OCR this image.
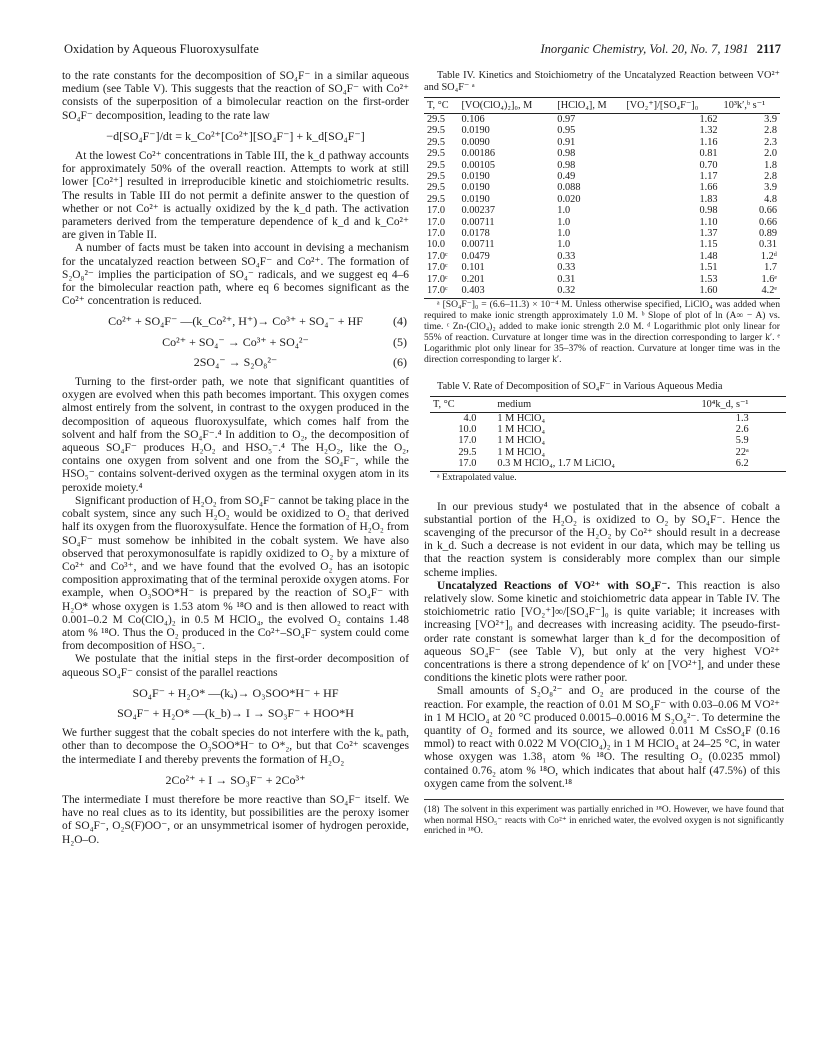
Oxidation by Aqueous Fluoroxysulfate	Inorganic Chemistry, Vol. 20, No. 7, 1981 2117

to the rate constants for the decomposition of SO₄F⁻ in a similar aqueous medium (see Table V). This suggests that the reaction of SO₄F⁻ with Co²⁺ consists of the superposition of a bimolecular reaction on the first-order SO₄F⁻ decomposition, leading to the rate law

−d[SO₄F⁻]/dt = k_Co²⁺[Co²⁺][SO₄F⁻] + k_d[SO₄F⁻]

At the lowest Co²⁺ concentrations in Table III, the k_d pathway accounts for approximately 50% of the overall reaction. Attempts to work at still lower [Co²⁺] resulted in irreproducible kinetic and stoichiometric results. The results in Table III do not permit a definite answer to the question of whether or not Co²⁺ is actually oxidized by the k_d path. The activation parameters derived from the temperature dependence of k_d and k_Co²⁺ are given in Table II.

A number of facts must be taken into account in devising a mechanism for the uncatalyzed reaction between SO₄F⁻ and Co²⁺. The formation of S₂O₈²⁻ implies the participation of SO₄⁻ radicals, and we suggest eq 4–6 for the bimolecular reaction path, where eq 6 becomes significant as the Co²⁺ concentration is reduced.

Co²⁺ + SO₄F⁻ —(k_Co²⁺, H⁺)→ Co³⁺ + SO₄⁻ + HF	(4)
Co²⁺ + SO₄⁻ → Co³⁺ + SO₄²⁻	(5)
2SO₄⁻ → S₂O₈²⁻	(6)

Turning to the first-order path, we note that significant quantities of oxygen are evolved when this path becomes important. This oxygen comes almost entirely from the solvent, in contrast to the oxygen produced in the decomposition of aqueous fluoroxysulfate, which comes half from the solvent and half from the SO₄F⁻.⁴ In addition to O₂, the decomposition of aqueous SO₄F⁻ produces H₂O₂ and HSO₅⁻.⁴ The H₂O₂, like the O₂, contains one oxygen from solvent and one from the SO₄F⁻, while the HSO₅⁻ contains solvent-derived oxygen as the terminal oxygen atom in its peroxide moiety.⁴

Significant production of H₂O₂ from SO₄F⁻ cannot be taking place in the cobalt system, since any such H₂O₂ would be oxidized to O₂ that derived half its oxygen from the fluoroxysulfate. Hence the formation of H₂O₂ from SO₄F⁻ must somehow be inhibited in the cobalt system. We have also observed that peroxymonosulfate is rapidly oxidized to O₂ by a mixture of Co²⁺ and Co³⁺, and we have found that the evolved O₂ has an isotopic composition approximating that of the terminal peroxide oxygen atoms. For example, when O₃SOO*H⁻ is prepared by the reaction of SO₄F⁻ with H₂O* whose oxygen is 1.53 atom % ¹⁸O and is then allowed to react with 0.001–0.2 M Co(ClO₄)₂ in 0.5 M HClO₄, the evolved O₂ contains 1.48 atom % ¹⁸O. Thus the O₂ produced in the Co²⁺–SO₄F⁻ system could come from decomposition of HSO₅⁻.

We postulate that the initial steps in the first-order decomposition of aqueous SO₄F⁻ consist of the parallel reactions

SO₄F⁻ + H₂O* —(kₐ)→ O₃SOO*H⁻ + HF
SO₄F⁻ + H₂O* —(k_b)→ I → SO₃F⁻ + HOO*H

We further suggest that the cobalt species do not interfere with the kₐ path, other than to decompose the O₃SOO*H⁻ to O*₂, but that Co²⁺ scavenges the intermediate I and thereby prevents the formation of H₂O₂

2Co²⁺ + I → SO₃F⁻ + 2Co³⁺

The intermediate I must therefore be more reactive than SO₄F⁻ itself. We have no real clues as to its identity, but possibilities are the peroxy isomer of SO₄F⁻, O₂S(F)OO⁻, or an unsymmetrical isomer of hydrogen peroxide, H₂O–O.

Table IV. Kinetics and Stoichiometry of the Uncatalyzed Reaction between VO²⁺ and SO₄F⁻ ᵃ

T, °C	[VO(ClO₄)₂]₀, M	[HClO₄], M	[VO₂⁺]/[SO₄F⁻]₀	10³k′,ᵇ s⁻¹
29.5	0.106	0.97	1.62	3.9
29.5	0.0190	0.95	1.32	2.8
29.5	0.0090	0.91	1.16	2.3
29.5	0.00186	0.98	0.81	2.0
29.5	0.00105	0.98	0.70	1.8
29.5	0.0190	0.49	1.17	2.8
29.5	0.0190	0.088	1.66	3.9
29.5	0.0190	0.020	1.83	4.8
17.0	0.00237	1.0	0.98	0.66
17.0	0.00711	1.0	1.10	0.66
17.0	0.0178	1.0	1.37	0.89
10.0	0.00711	1.0	1.15	0.31
17.0ᶜ	0.0479	0.33	1.48	1.2ᵈ
17.0ᶜ	0.101	0.33	1.51	1.7
17.0ᶜ	0.201	0.31	1.53	1.6ᵉ
17.0ᶜ	0.403	0.32	1.60	4.2ᵉ

ᵃ [SO₄F⁻]₀ = (6.6–11.3) × 10⁻⁴ M. Unless otherwise specified, LiClO₄ was added when required to make ionic strength approximately 1.0 M. ᵇ Slope of plot of ln (A∞ − A) vs. time. ᶜ Zn-(ClO₄)₂ added to make ionic strength 2.0 M. ᵈ Logarithmic plot only linear for 55% of reaction. Curvature at longer time was in the direction corresponding to larger k′. ᵉ Logarithmic plot only linear for 35–37% of reaction. Curvature at longer time was in the direction corresponding to larger k′.

Table V. Rate of Decomposition of SO₄F⁻ in Various Aqueous Media

T, °C	medium	10⁴k_d, s⁻¹
4.0	1 M HClO₄	1.3
10.0	1 M HClO₄	2.6
17.0	1 M HClO₄	5.9
29.5	1 M HClO₄	22ᵃ
17.0	0.3 M HClO₄, 1.7 M LiClO₄	6.2

ᵃ Extrapolated value.

In our previous study⁴ we postulated that in the absence of cobalt a substantial portion of the H₂O₂ is oxidized to O₂ by SO₄F⁻. Hence the scavenging of the precursor of the H₂O₂ by Co²⁺ should result in a decrease in k_d. Such a decrease is not evident in our data, which may be telling us that the reaction system is considerably more complex than our simple scheme implies.

Uncatalyzed Reactions of VO²⁺ with SO₄F⁻. This reaction is also relatively slow. Some kinetic and stoichiometric data appear in Table IV. The stoichiometric ratio [VO₂⁺]∞/[SO₄F⁻]₀ is quite variable; it increases with increasing [VO²⁺]₀ and decreases with increasing acidity. The pseudo-first-order rate constant is somewhat larger than k_d for the decomposition of aqueous SO₄F⁻ (see Table V), but only at the very highest VO²⁺ concentrations is there a strong dependence of k′ on [VO²⁺], and under these conditions the kinetic plots were rather poor.

Small amounts of S₂O₈²⁻ and O₂ are produced in the course of the reaction. For example, the reaction of 0.01 M SO₄F⁻ with 0.03–0.06 M VO²⁺ in 1 M HClO₄ at 20 °C produced 0.0015–0.0016 M S₂O₈²⁻. To determine the quantity of O₂ formed and its source, we allowed 0.011 M CsSO₄F (0.16 mmol) to react with 0.022 M VO(ClO₄)₂ in 1 M HClO₄ at 24–25 °C, in water whose oxygen was 1.38₁ atom % ¹⁸O. The resulting O₂ (0.0235 mmol) contained 0.76₂ atom % ¹⁸O, which indicates that about half (47.5%) of this oxygen came from the solvent.¹⁸

(18) The solvent in this experiment was partially enriched in ¹⁸O. However, we have found that when normal HSO₅⁻ reacts with Co²⁺ in enriched water, the evolved oxygen is not significantly enriched in ¹⁸O.
